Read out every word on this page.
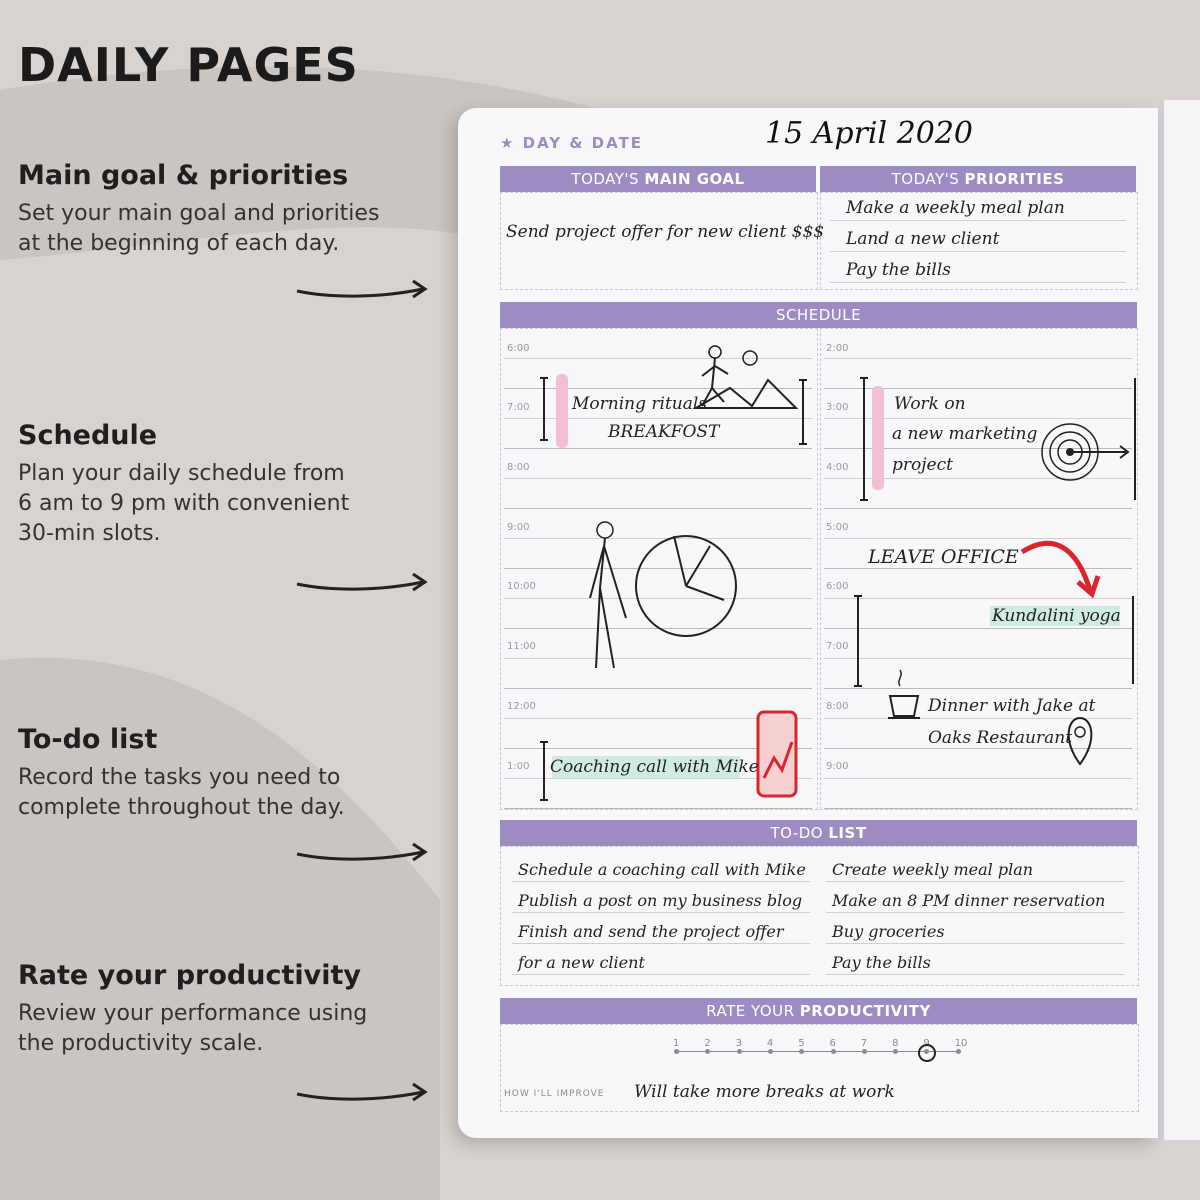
DAILY PAGES
Main goal & priorities

Set your main goal and priorities
at the beginning of each day.

Schedule

Plan your daily schedule from
6 am to 9 pm with convenient
30-min slots.

To-do list

Record the tasks you need to
complete throughout the day.

Rate your productivity

Review your performance using
the productivity scale.

★ DAY & DATE	15 April 2020
TODAY'S MAIN GOAL	TODAY'S PRIORITIES
Send project offer for new client $$$
Make a weekly meal plan
Land a new client
Pay the bills
SCHEDULE
6:00
7:00
8:00
9:00
10:00
11:00
12:00
1:00
2:00
3:00
4:00
5:00
6:00
7:00
8:00
9:00
Morning rituals
BREAKFOST
Work on
a new marketing
project
LEAVE OFFICE
Kundalini yoga
Dinner with Jake at
Oaks Restaurant
Coaching call with Mike
TO-DO LIST
Schedule a coaching call with Mike
Publish a post on my business blog
Finish and send the project offer
for a new client
Create weekly meal plan
Make an 8 PM dinner reservation
Buy groceries
Pay the bills
RATE YOUR PRODUCTIVITY
1 2 3 4 5 6 7 8 9 10
HOW I'LL IMPROVE Will take more breaks at work
